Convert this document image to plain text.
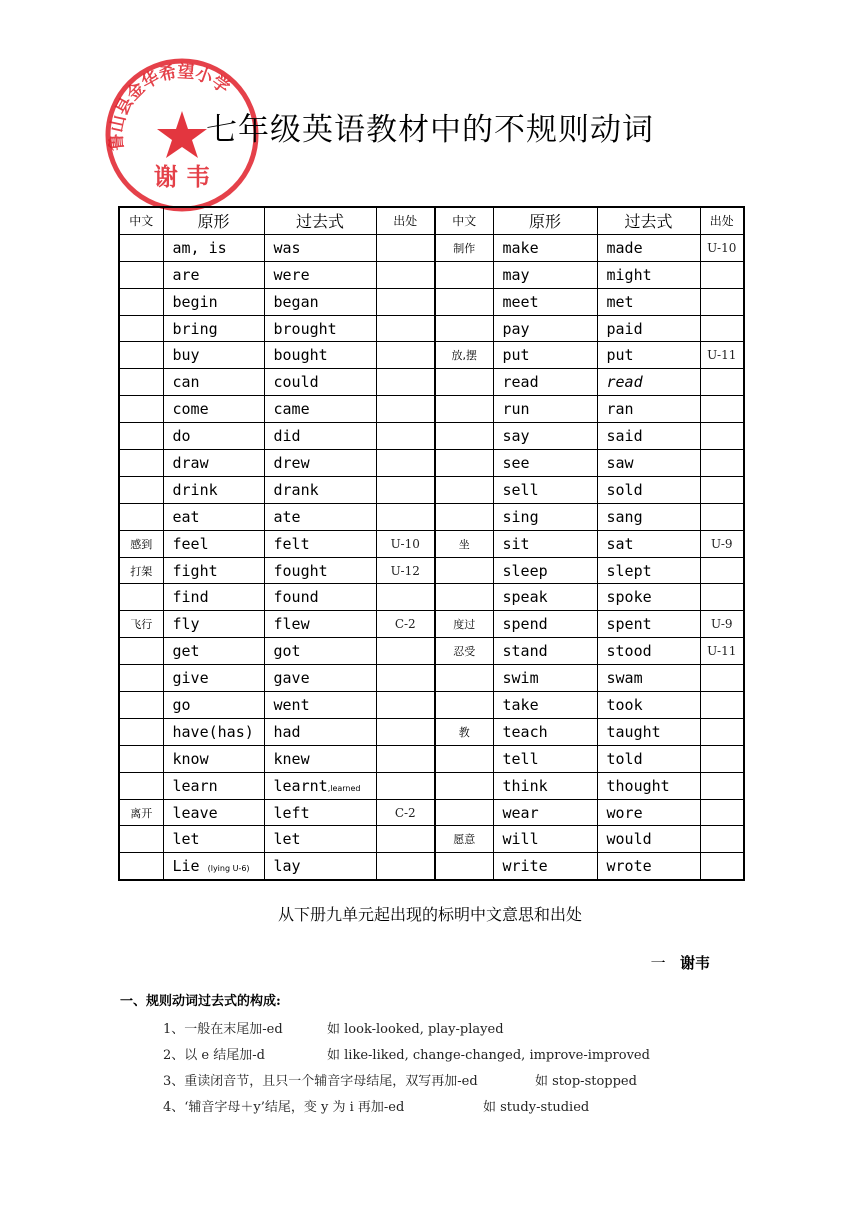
鲁山县金华希望小学
谢 韦
七年级英语教材中的不规则动词
中文	原形	过去式	出处	中文	原形	过去式	出处
	am, is	was		制作	make	made	U-10
	are	were			may	might	
	begin	began			meet	met	
	bring	brought			pay	paid	
	buy	bought		放,摆	put	put	U-11
	can	could			read	read	
	come	came			run	ran	
	do	did			say	said	
	draw	drew			see	saw	
	drink	drank			sell	sold	
	eat	ate			sing	sang	
感到	feel	felt	U-10	坐	sit	sat	U-9
打架	fight	fought	U-12		sleep	slept	
	find	found			speak	spoke	
飞行	fly	flew	C-2	度过	spend	spent	U-9
	get	got		忍受	stand	stood	U-11
	give	gave			swim	swam	
	go	went			take	took	
	have(has)	had		教	teach	taught	
	know	knew			tell	told	
	learn	learnt,learned			think	thought	
离开	leave	left	C-2		wear	wore	
	let	let		愿意	will	would	
	Lie (lying U-6)	lay			write	wrote	
从下册九单元起出现的标明中文意思和出处
一 谢韦
一、规则动词过去式的构成:
1、一般在末尾加-ed	如 look-looked, play-played
2、以 e 结尾加-d	如 like-liked, change-changed, improve-improved
3、重读闭音节，且只一个辅音字母结尾，双写再加-ed	如 stop-stopped
4、‘辅音字母＋y’结尾，变 y 为 i 再加-ed	如 study-studied
